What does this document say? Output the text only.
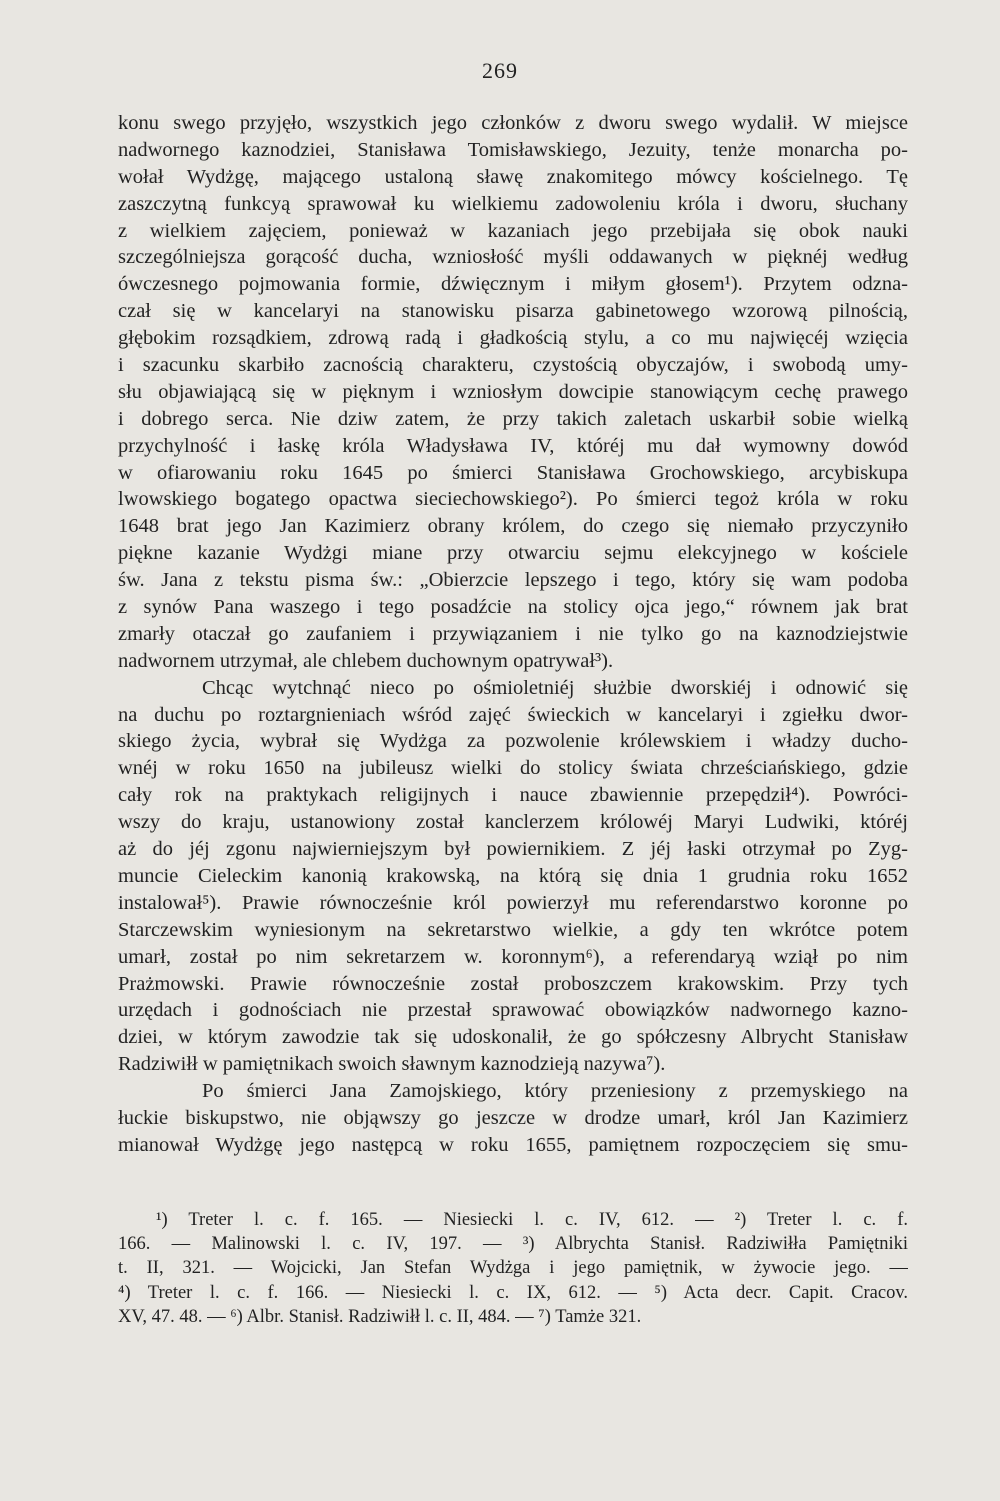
269
konu swego przyjęło, wszystkich jego członków z dworu swego wydalił. W miejsce
nadwornego kaznodziei, Stanisława Tomisławskiego, Jezuity, tenże monarcha po-
wołał Wydżgę, mającego ustaloną sławę znakomitego mówcy kościelnego. Tę
zaszczytną funkcyą sprawował ku wielkiemu zadowoleniu króla i dworu, słuchany
z wielkiem zajęciem, ponieważ w kazaniach jego przebijała się obok nauki
szczególniejsza gorącość ducha, wzniosłość myśli oddawanych w pięknéj według
ówczesnego pojmowania formie, dźwięcznym i miłym głosem¹). Przytem odzna-
czał się w kancelaryi na stanowisku pisarza gabinetowego wzorową pilnością,
głębokim rozsądkiem, zdrową radą i gładkością stylu, a co mu najwięcéj wzięcia
i szacunku skarbiło zacnością charakteru, czystością obyczajów, i swobodą umy-
słu objawiającą się w pięknym i wzniosłym dowcipie stanowiącym cechę prawego
i dobrego serca. Nie dziw zatem, że przy takich zaletach uskarbił sobie wielką
przychylność i łaskę króla Władysława IV, któréj mu dał wymowny dowód
w ofiarowaniu roku 1645 po śmierci Stanisława Grochowskiego, arcybiskupa
lwowskiego bogatego opactwa sieciechowskiego²). Po śmierci tegoż króla w roku
1648 brat jego Jan Kazimierz obrany królem, do czego się niemało przyczyniło
piękne kazanie Wydżgi miane przy otwarciu sejmu elekcyjnego w kościele
św. Jana z tekstu pisma św.: „Obierzcie lepszego i tego, który się wam podoba
z synów Pana waszego i tego posadźcie na stolicy ojca jego,“ równem jak brat
zmarły otaczał go zaufaniem i przywiązaniem i nie tylko go na kaznodziejstwie
nadwornem utrzymał, ale chlebem duchownym opatrywał³).
Chcąc wytchnąć nieco po ośmioletniéj służbie dworskiéj i odnowić się
na duchu po roztargnieniach wśród zajęć świeckich w kancelaryi i zgiełku dwor-
skiego życia, wybrał się Wydżga za pozwolenie królewskiem i władzy ducho-
wnéj w roku 1650 na jubileusz wielki do stolicy świata chrześciańskiego, gdzie
cały rok na praktykach religijnych i nauce zbawiennie przepędził⁴). Powróci-
wszy do kraju, ustanowiony został kanclerzem królowéj Maryi Ludwiki, któréj
aż do jéj zgonu najwierniejszym był powiernikiem. Z jéj łaski otrzymał po Zyg-
muncie Cieleckim kanonią krakowską, na którą się dnia 1 grudnia roku 1652
instalował⁵). Prawie równocześnie król powierzył mu referendarstwo koronne po
Starczewskim wyniesionym na sekretarstwo wielkie, a gdy ten wkrótce potem
umarł, został po nim sekretarzem w. koronnym⁶), a referendaryą wziął po nim
Prażmowski. Prawie równocześnie został proboszczem krakowskim. Przy tych
urzędach i godnościach nie przestał sprawować obowiązków nadwornego kazno-
dziei, w którym zawodzie tak się udoskonalił, że go spółczesny Albrycht Stanisław
Radziwiłł w pamiętnikach swoich sławnym kaznodzieją nazywa⁷).
Po śmierci Jana Zamojskiego, który przeniesiony z przemyskiego na
łuckie biskupstwo, nie objąwszy go jeszcze w drodze umarł, król Jan Kazimierz
mianował Wydżgę jego następcą w roku 1655, pamiętnem rozpoczęciem się smu-
¹) Treter l. c. f. 165. — Niesiecki l. c. IV, 612. — ²) Treter l. c. f.
166. — Malinowski l. c. IV, 197. — ³) Albrychta Stanisł. Radziwiłła Pamiętniki
t. II, 321. — Wojcicki, Jan Stefan Wydżga i jego pamiętnik, w żywocie jego. —
⁴) Treter l. c. f. 166. — Niesiecki l. c. IX, 612. — ⁵) Acta decr. Capit. Cracov.
XV, 47. 48. — ⁶) Albr. Stanisł. Radziwiłł l. c. II, 484. — ⁷) Tamże 321.
